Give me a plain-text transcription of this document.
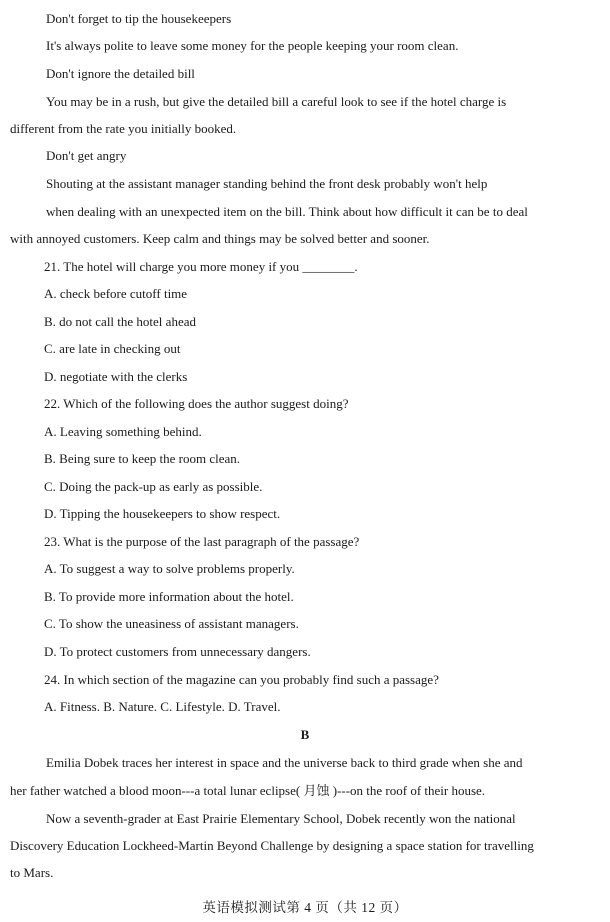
Don't forget to tip the housekeepers
It's always polite to leave some money for the people keeping your room clean.
Don't ignore the detailed bill
You may be in a rush, but give the detailed bill a careful look to see if the hotel charge is
different from the rate you initially booked.
Don't get angry
Shouting at the assistant manager standing behind the front desk probably won't help
when dealing with an unexpected item on the bill. Think about how difficult it can be to deal
with annoyed customers. Keep calm and things may be solved better and sooner.
21. The hotel will charge you more money if you ________.
A. check before cutoff time
B. do not call the hotel ahead
C. are late in checking out
D. negotiate with the clerks
22. Which of the following does the author suggest doing?
A. Leaving something behind.
B. Being sure to keep the room clean.
C. Doing the pack-up as early as possible.
D. Tipping the housekeepers to show respect.
23. What is the purpose of the last paragraph of the passage?
A. To suggest a way to solve problems properly.
B. To provide more information about the hotel.
C. To show the uneasiness of assistant managers.
D. To protect customers from unnecessary dangers.
24. In which section of the magazine can you probably find such a passage?
A. Fitness. B. Nature. C. Lifestyle. D. Travel.
B
Emilia Dobek traces her interest in space and the universe back to third grade when she and
her father watched a blood moon---a total lunar eclipse( 月蚀 )---on the roof of their house.
Now a seventh-grader at East Prairie Elementary School, Dobek recently won the national
Discovery Education Lockheed-Martin Beyond Challenge by designing a space station for travelling
to Mars.
英语模拟测试第 4 页（共 12 页）
